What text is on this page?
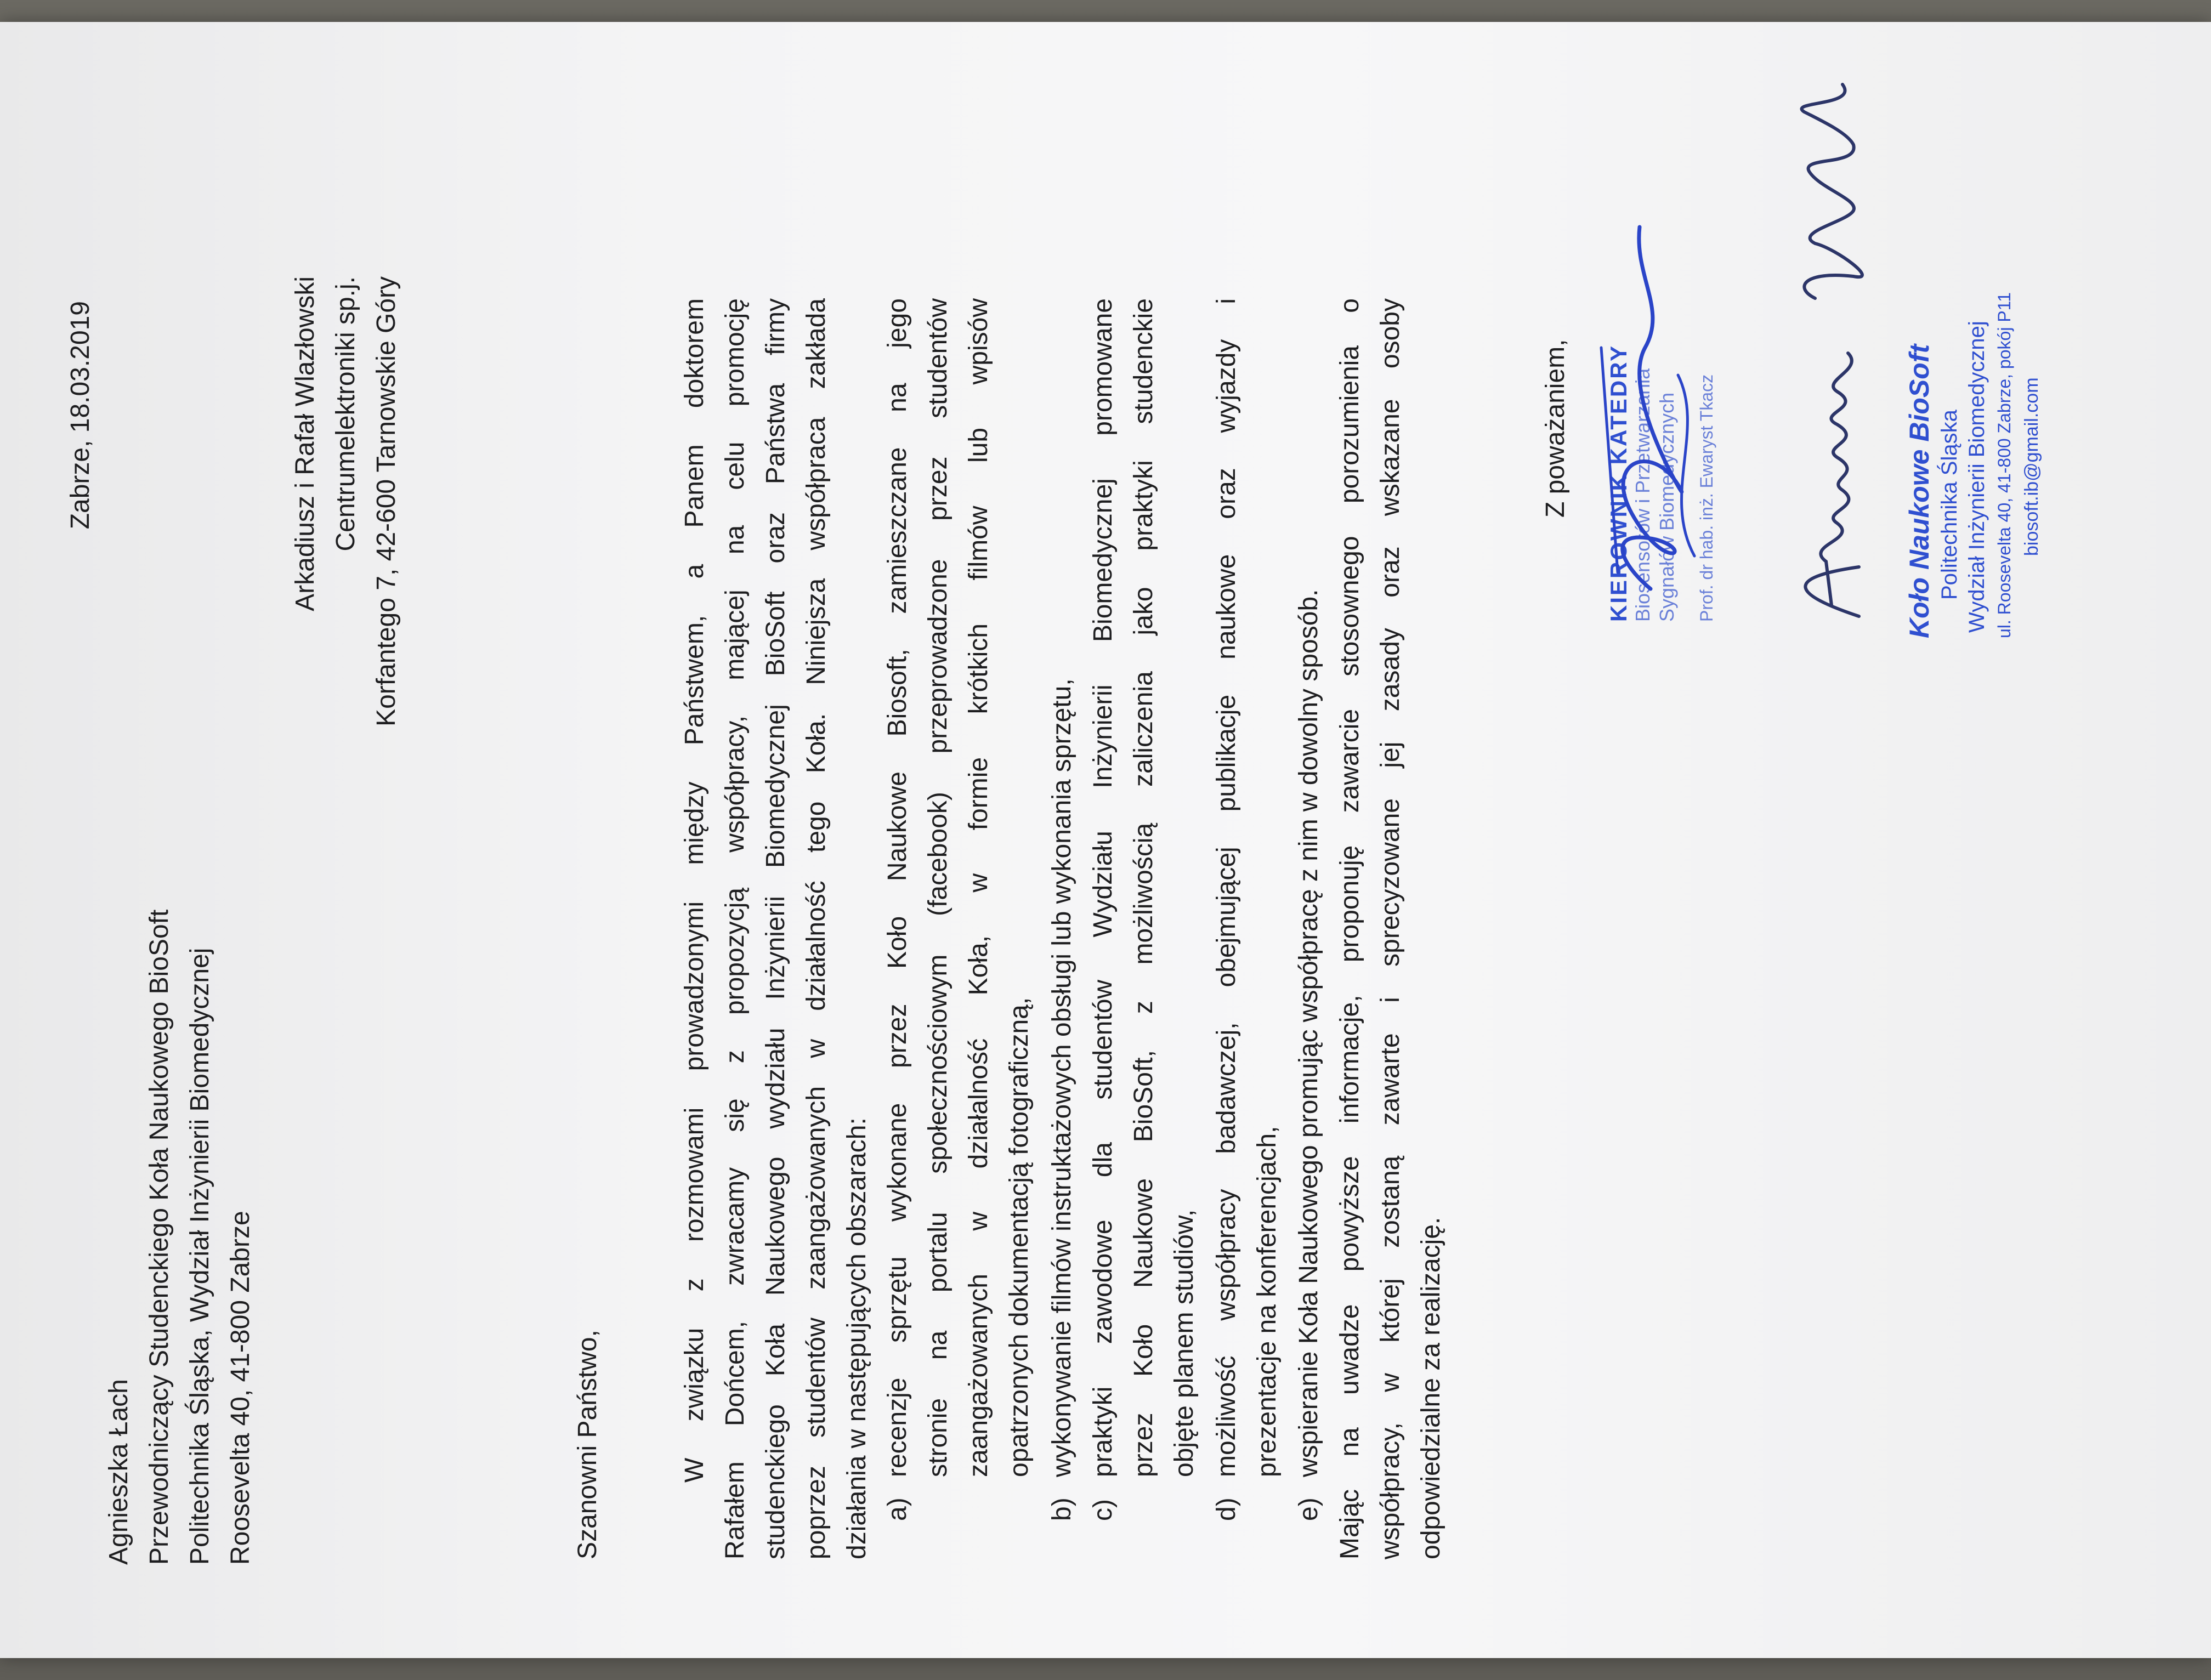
Agnieszka Łach Przewodniczący Studenckiego Koła Naukowego BioSoft Politechnika Śląska, Wydział Inżynierii Biomedycznej Roosevelta 40, 41-800 Zabrze
Zabrze, 18.03.2019	Arkadiusz i Rafał Wlazłowski Centrumelektroniki sp.j. Korfantego 7, 42-600 Tarnowskie Góry
Szanowni Państwo,	W związku z rozmowami prowadzonymi między Państwem, a Panem doktorem Rafałem Dońcem, zwracamy się z propozycją współpracy, mającej na celu promocję studenckiego Koła Naukowego wydziału Inżynierii Biomedycznej BioSoft oraz Państwa firmy poprzez studentów zaangażowanych w działalność tego Koła. Niniejsza współpraca zakłada działania w następujących obszarach: a)
recenzje sprzętu wykonane przez Koło Naukowe Biosoft, zamieszczane na jego stronie na portalu społecznościowym (facebook) przeprowadzone przez studentów zaangażowanych w działalność Koła, w formie krótkich filmów lub wpisów opatrzonych dokumentacją fotograficzną,
b)
wykonywanie filmów instruktażowych obsługi lub wykonania sprzętu,
c)
praktyki zawodowe dla studentów Wydziału Inżynierii Biomedycznej promowane przez Koło Naukowe BioSoft, z możliwością zaliczenia jako praktyki studenckie objęte planem studiów,
d)
możliwość współpracy badawczej, obejmującej publikacje naukowe oraz wyjazdy i prezentacje na konferencjach,
e)
wspieranie Koła Naukowego promując współpracę z nim w dowolny sposób. Mając na uwadze powyższe informacje, proponuję zawarcie stosownego porozumienia o współpracy, w której zostaną zawarte i sprecyzowane jej zasady oraz wskazane osoby odpowiedzialne za realizację.
Z poważaniem, KIEROWNIK KATEDRY Biosensorów i Przetwarzania Sygnałów Biomedycznych Prof. dr hab. inż. Ewaryst Tkacz	Koło Naukowe BioSoft Politechnika Śląska Wydział Inżynierii Biomedycznej ul. Roosevelta 40, 41-800 Zabrze, pokój P11 biosoft.ib@gmail.com
